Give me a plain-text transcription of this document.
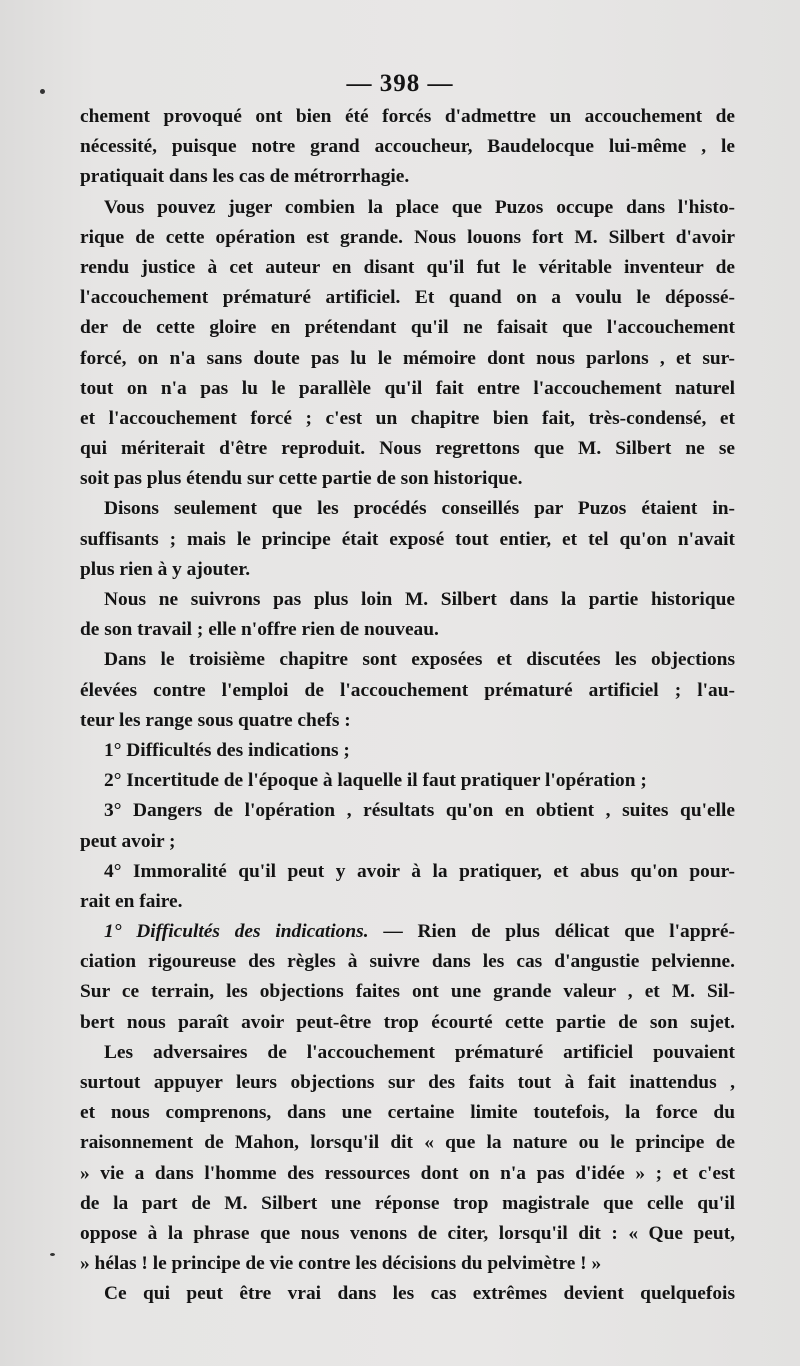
— 398 —

chement provoqué ont bien été forcés d'admettre un accouchement de

nécessité, puisque notre grand accoucheur, Baudelocque lui-même , le

pratiquait dans les cas de métrorrhagie.

Vous pouvez juger combien la place que Puzos occupe dans l'histo-

rique de cette opération est grande. Nous louons fort M. Silbert d'avoir

rendu justice à cet auteur en disant qu'il fut le véritable inventeur de

l'accouchement prématuré artificiel. Et quand on a voulu le dépossé-

der de cette gloire en prétendant qu'il ne faisait que l'accouchement

forcé, on n'a sans doute pas lu le mémoire dont nous parlons , et sur-

tout on n'a pas lu le parallèle qu'il fait entre l'accouchement naturel

et l'accouchement forcé ; c'est un chapitre bien fait, très-condensé, et

qui mériterait d'être reproduit. Nous regrettons que M. Silbert ne se

soit pas plus étendu sur cette partie de son historique.

Disons seulement que les procédés conseillés par Puzos étaient in-

suffisants ; mais le principe était exposé tout entier, et tel qu'on n'avait

plus rien à y ajouter.

Nous ne suivrons pas plus loin M. Silbert dans la partie historique

de son travail ; elle n'offre rien de nouveau.

Dans le troisième chapitre sont exposées et discutées les objections

élevées contre l'emploi de l'accouchement prématuré artificiel ; l'au-

teur les range sous quatre chefs :

1° Difficultés des indications ;

2° Incertitude de l'époque à laquelle il faut pratiquer l'opération ;

3° Dangers de l'opération , résultats qu'on en obtient , suites qu'elle

peut avoir ;

4° Immoralité qu'il peut y avoir à la pratiquer, et abus qu'on pour-

rait en faire.

1° Difficultés des indications. — Rien de plus délicat que l'appré-

ciation rigoureuse des règles à suivre dans les cas d'angustie pelvienne.

Sur ce terrain, les objections faites ont une grande valeur , et M. Sil-

bert nous paraît avoir peut-être trop écourté cette partie de son sujet.

Les adversaires de l'accouchement prématuré artificiel pouvaient

surtout appuyer leurs objections sur des faits tout à fait inattendus ,

et nous comprenons, dans une certaine limite toutefois, la force du

raisonnement de Mahon, lorsqu'il dit « que la nature ou le principe de

» vie a dans l'homme des ressources dont on n'a pas d'idée » ; et c'est

de la part de M. Silbert une réponse trop magistrale que celle qu'il

oppose à la phrase que nous venons de citer, lorsqu'il dit : « Que peut,

» hélas ! le principe de vie contre les décisions du pelvimètre ! »

Ce qui peut être vrai dans les cas extrêmes devient quelquefois
